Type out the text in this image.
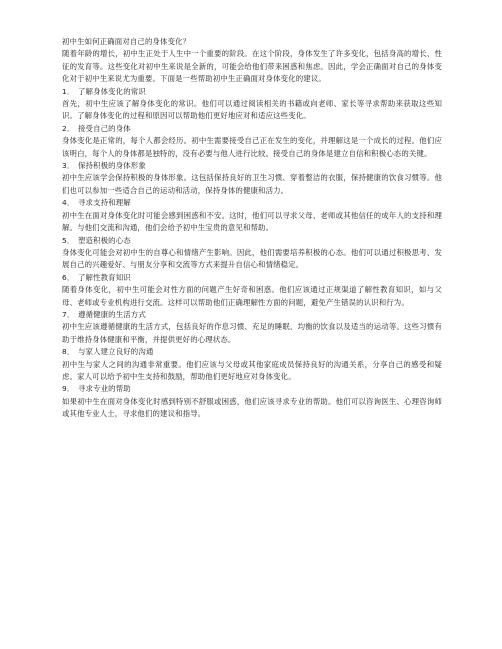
初中生如何正确面对自己的身体变化？

随着年龄的增长，初中生正处于人生中一个重要的阶段。在这个阶段，身体发生了许多变化，包括身高的增长、性征的发育等。这些变化对初中生来说是全新的，可能会给他们带来困惑和焦虑。因此，学会正确面对自己的身体变化对于初中生来说尤为重要。下面是一些帮助初中生正确面对身体变化的建议。

1． 了解身体变化的常识

首先，初中生应该了解身体变化的常识。他们可以通过阅读相关的书籍或向老师、家长等寻求帮助来获取这些知识。了解身体变化的过程和原因可以帮助他们更好地应对和适应这些变化。

2． 接受自己的身体

身体变化是正常的，每个人都会经历。初中生需要接受自己正在发生的变化，并理解这是一个成长的过程。他们应该明白，每个人的身体都是独特的，没有必要与他人进行比较。接受自己的身体是建立自信和积极心态的关键。

3． 保持积极的身体形象

初中生应该学会保持积极的身体形象。这包括保持良好的卫生习惯、穿着整洁的衣服，保持健康的饮食习惯等。他们也可以参加一些适合自己的运动和活动，保持身体的健康和活力。

4． 寻求支持和理解

初中生在面对身体变化时可能会感到困惑和不安。这时，他们可以寻求父母、老师或其他信任的成年人的支持和理解。与他们交流和沟通，他们会给予初中生宝贵的意见和帮助。

5． 塑造积极的心态

身体变化可能会对初中生的自尊心和情绪产生影响。因此，他们需要培养积极的心态。他们可以通过积极思考、发展自己的兴趣爱好、与朋友分享和交流等方式来提升自信心和情绪稳定。

6． 了解性教育知识

随着身体变化，初中生可能会对性方面的问题产生好奇和困惑。他们应该通过正规渠道了解性教育知识，如与父母、老师或专业机构进行交流。这样可以帮助他们正确理解性方面的问题，避免产生错误的认识和行为。

7． 遵循健康的生活方式

初中生应该遵循健康的生活方式，包括良好的作息习惯、充足的睡眠、均衡的饮食以及适当的运动等。这些习惯有助于维持身体健康和平衡，并提供更好的心理状态。

8． 与家人建立良好的沟通

初中生与家人之间的沟通非常重要。他们应该与父母或其他家庭成员保持良好的沟通关系，分享自己的感受和疑虑。家人可以给予初中生支持和鼓励，帮助他们更好地应对身体变化。

9． 寻求专业的帮助

如果初中生在面对身体变化时感到特别不舒服或困惑，他们应该寻求专业的帮助。他们可以咨询医生、心理咨询师或其他专业人士，寻求他们的建议和指导。
